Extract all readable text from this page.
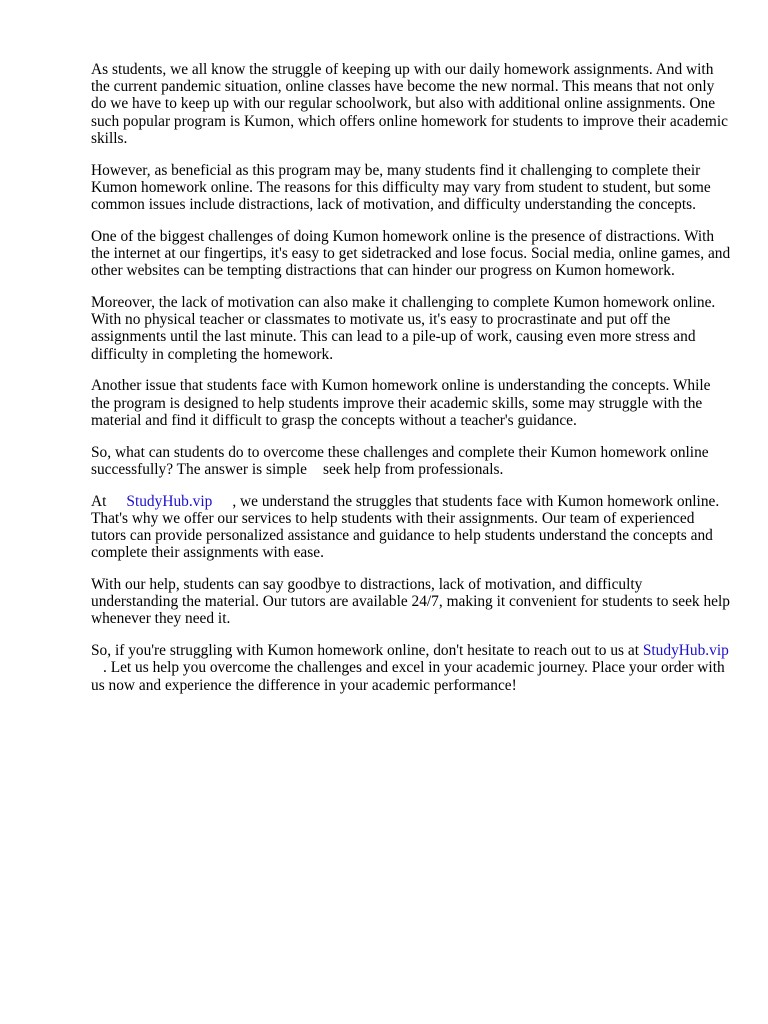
As students, we all know the struggle of keeping up with our daily homework assignments. And with the current pandemic situation, online classes have become the new normal. This means that not only do we have to keep up with our regular schoolwork, but also with additional online assignments. One such popular program is Kumon, which offers online homework for students to improve their academic skills.

However, as beneficial as this program may be, many students find it challenging to complete their Kumon homework online. The reasons for this difficulty may vary from student to student, but some common issues include distractions, lack of motivation, and difficulty understanding the concepts.

One of the biggest challenges of doing Kumon homework online is the presence of distractions. With the internet at our fingertips, it's easy to get sidetracked and lose focus. Social media, online games, and other websites can be tempting distractions that can hinder our progress on Kumon homework.

Moreover, the lack of motivation can also make it challenging to complete Kumon homework online. With no physical teacher or classmates to motivate us, it's easy to procrastinate and put off the assignments until the last minute. This can lead to a pile-up of work, causing even more stress and difficulty in completing the homework.

Another issue that students face with Kumon homework online is understanding the concepts. While the program is designed to help students improve their academic skills, some may struggle with the material and find it difficult to grasp the concepts without a teacher's guidance.

So, what can students do to overcome these challenges and complete their Kumon homework online successfully? The answer is simple seek help from professionals.

At StudyHub.vip , we understand the struggles that students face with Kumon homework online. That's why we offer our services to help students with their assignments. Our team of experienced tutors can provide personalized assistance and guidance to help students understand the concepts and complete their assignments with ease.

With our help, students can say goodbye to distractions, lack of motivation, and difficulty understanding the material. Our tutors are available 24/7, making it convenient for students to seek help whenever they need it.

So, if you're struggling with Kumon homework online, don't hesitate to reach out to us at StudyHub.vip. Let us help you overcome the challenges and excel in your academic journey. Place your order with us now and experience the difference in your academic performance!
